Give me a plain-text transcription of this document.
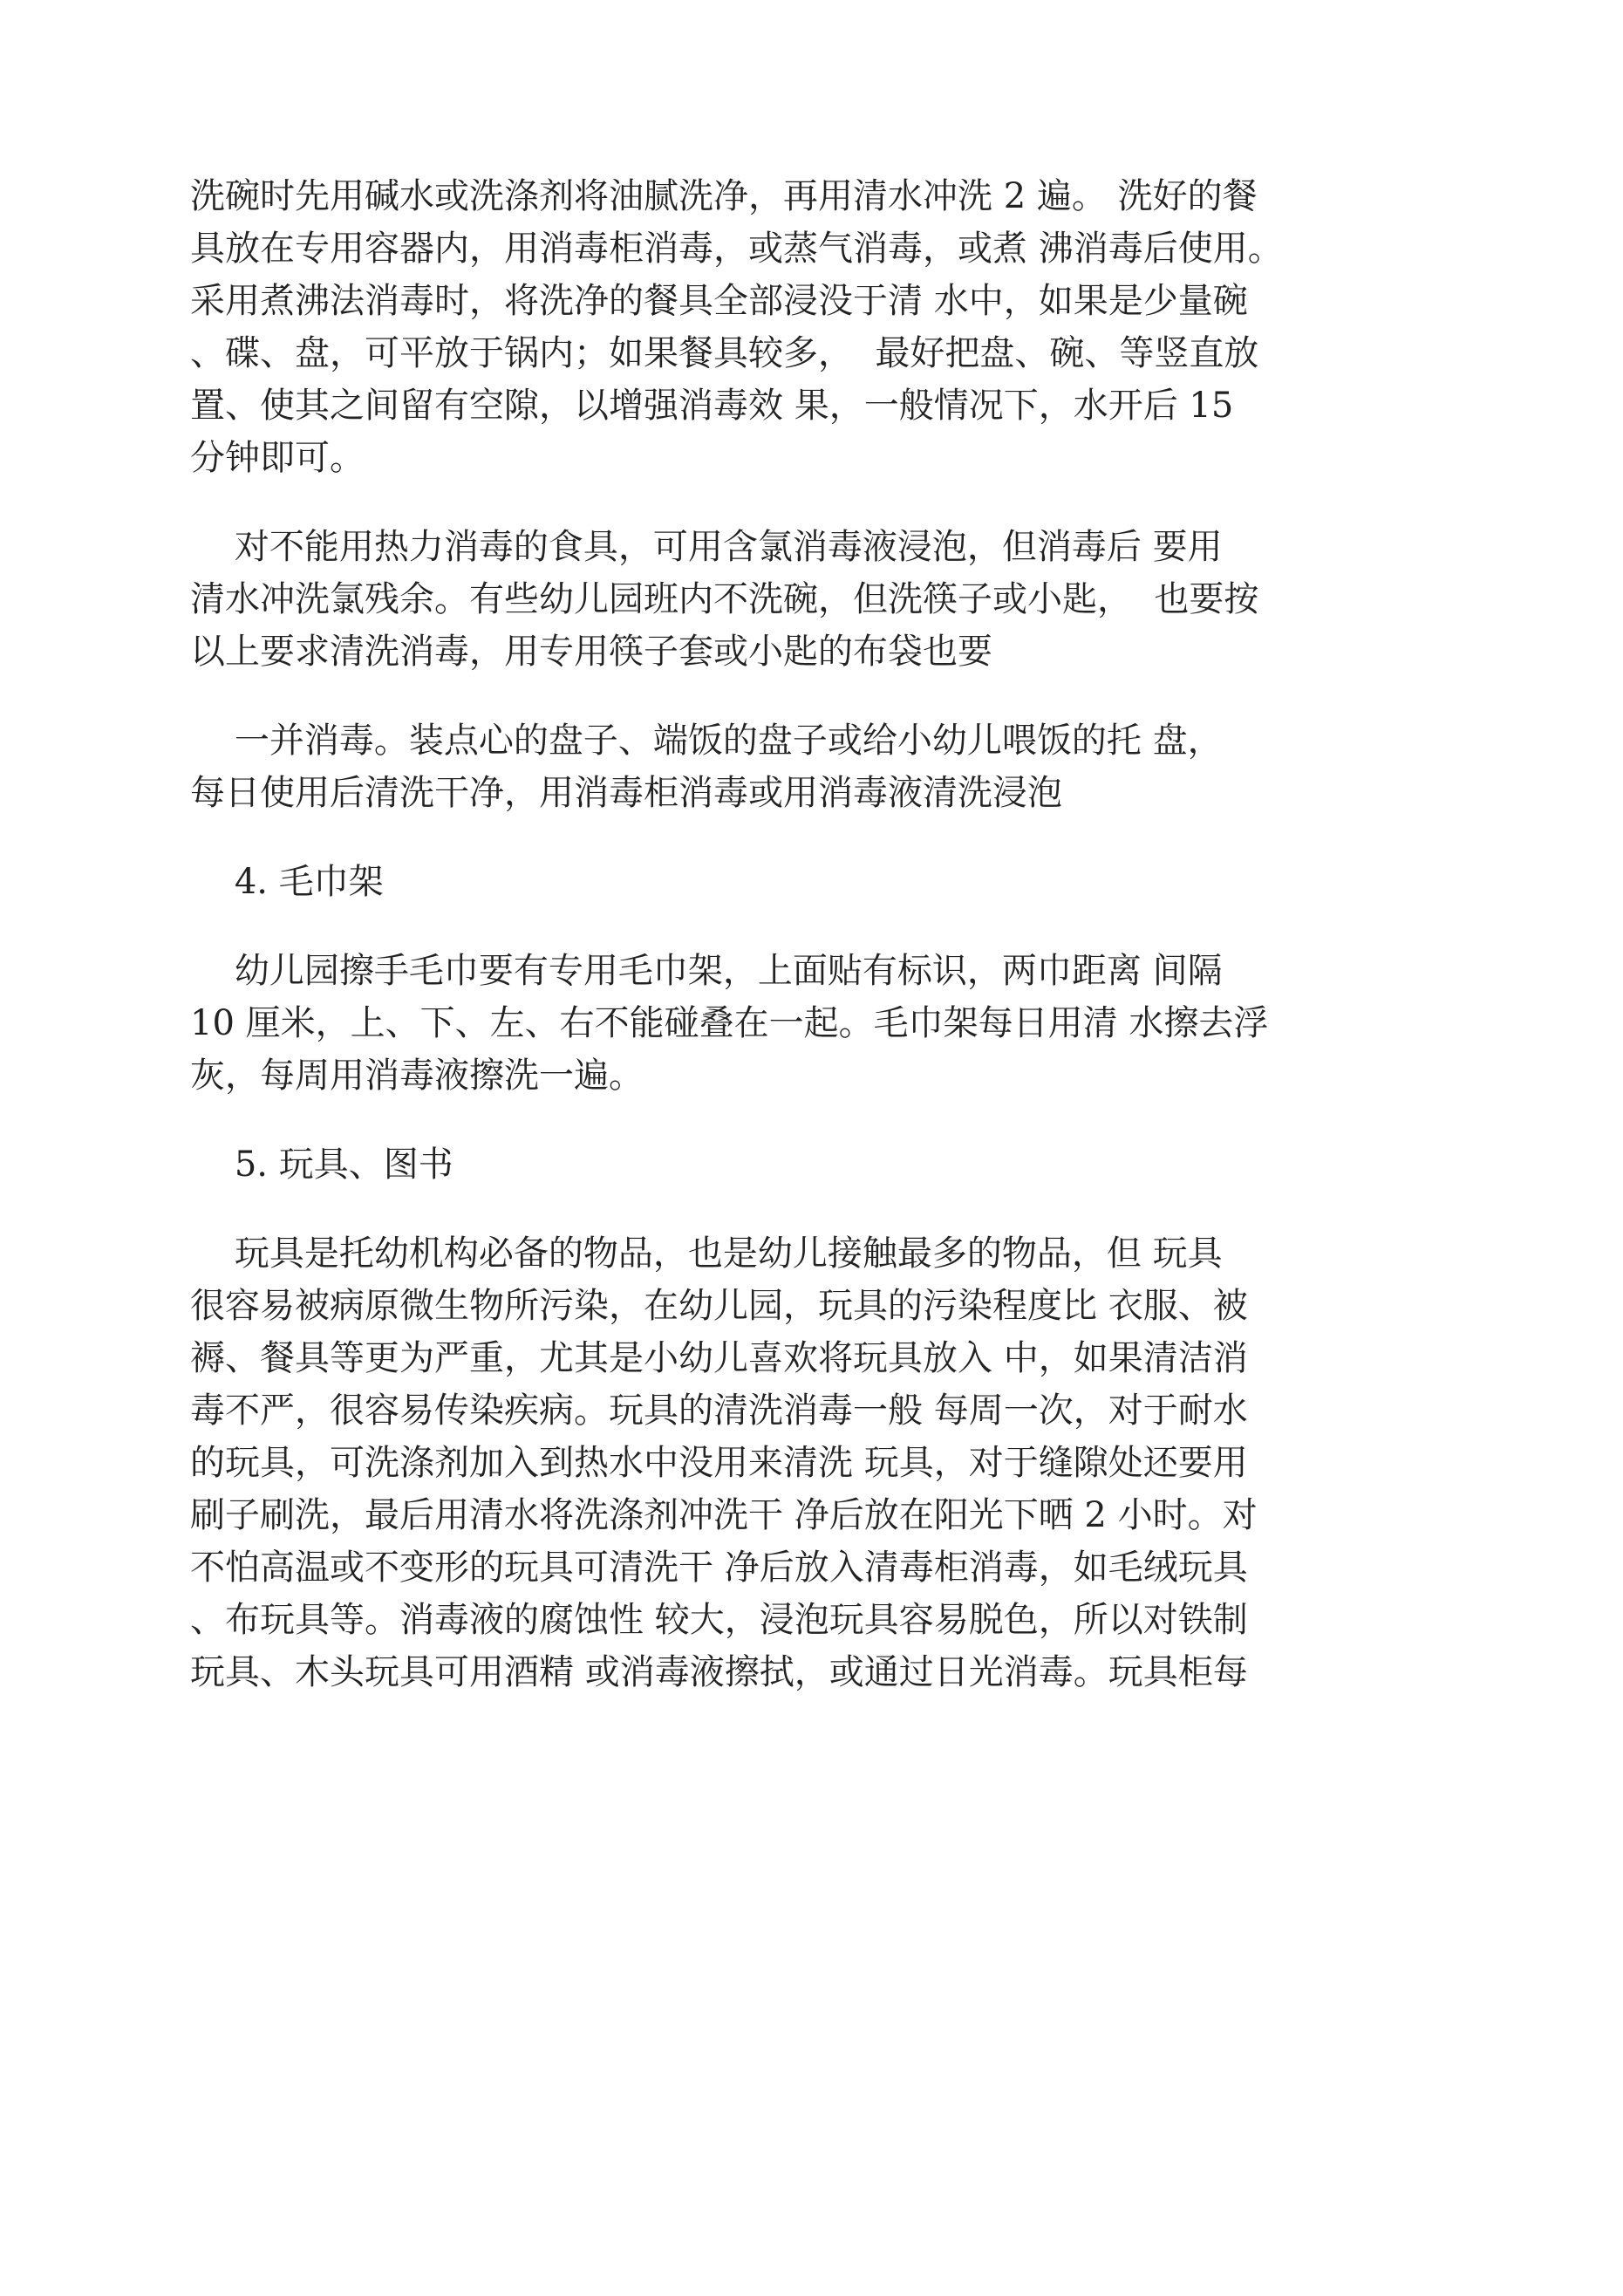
洗碗时先用碱水或洗涤剂将油腻洗净，再用清水冲洗 2 遍。 洗好的餐
具放在专用容器内，用消毒柜消毒，或蒸气消毒，或煮 沸消毒后使用。
采用煮沸法消毒时，将洗净的餐具全部浸没于清 水中，如果是少量碗
、碟、盘，可平放于锅内；如果餐具较多，  最好把盘、碗、等竖直放
置、使其之间留有空隙，以增强消毒效 果，一般情况下，水开后 15
分钟即可。
对不能用热力消毒的食具，可用含氯消毒液浸泡，但消毒后 要用
清水冲洗氯残余。有些幼儿园班内不洗碗，但洗筷子或小匙，  也要按
以上要求清洗消毒，用专用筷子套或小匙的布袋也要
一并消毒。装点心的盘子、端饭的盘子或给小幼儿喂饭的托 盘，
每日使用后清洗干净，用消毒柜消毒或用消毒液清洗浸泡
4. 毛巾架
幼儿园擦手毛巾要有专用毛巾架，上面贴有标识，两巾距离 间隔
10 厘米，上、下、左、右不能碰叠在一起。毛巾架每日用清 水擦去浮
灰，每周用消毒液擦洗一遍。
5. 玩具、图书
玩具是托幼机构必备的物品，也是幼儿接触最多的物品，但 玩具
很容易被病原微生物所污染，在幼儿园，玩具的污染程度比 衣服、被
褥、餐具等更为严重，尤其是小幼儿喜欢将玩具放入 中，如果清洁消
毒不严，很容易传染疾病。玩具的清洗消毒一般 每周一次，对于耐水
的玩具，可洗涤剂加入到热水中没用来清洗 玩具，对于缝隙处还要用
刷子刷洗，最后用清水将洗涤剂冲洗干 净后放在阳光下晒 2 小时。对
不怕高温或不变形的玩具可清洗干 净后放入清毒柜消毒，如毛绒玩具
、布玩具等。消毒液的腐蚀性 较大，浸泡玩具容易脱色，所以对铁制
玩具、木头玩具可用酒精 或消毒液擦拭，或通过日光消毒。玩具柜每
